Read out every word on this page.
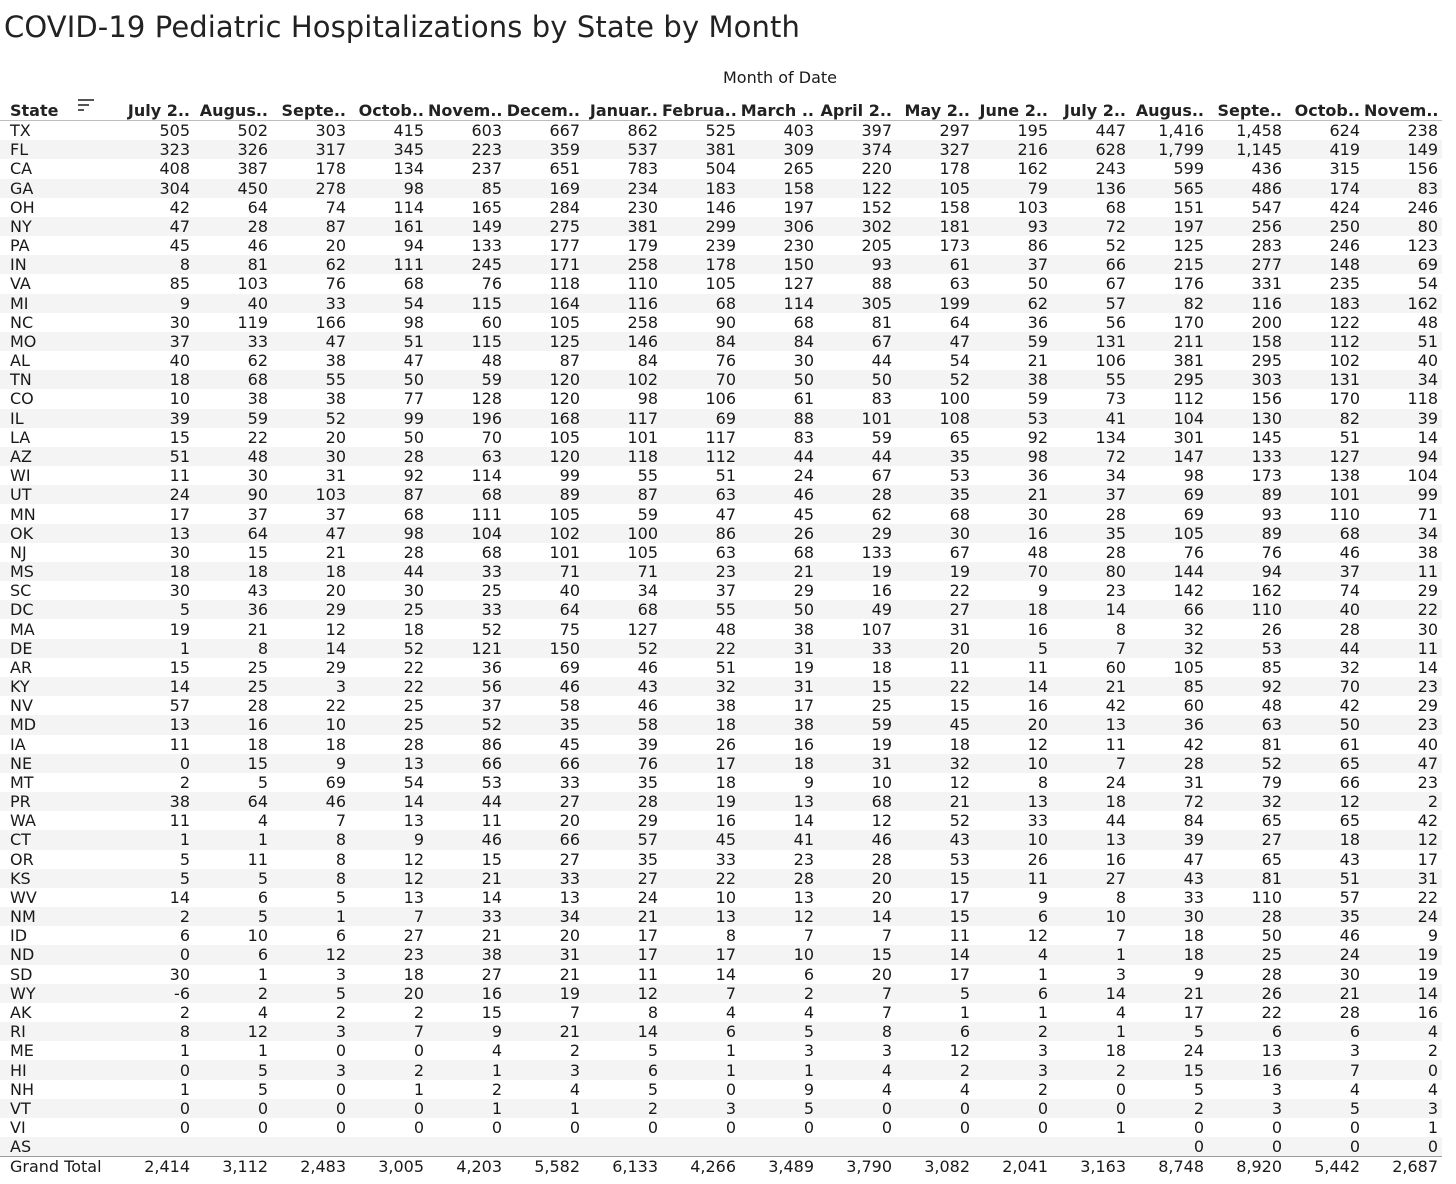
COVID-19 Pediatric Hospitalizations by State by Month
Month of Date
State	July 2..	Augus..	Septe..	Octob..	Novem..	Decem..	Januar..	Februa..	March ..	April 2..	May 2..	June 2..	July 2..	Augus..	Septe..	Octob..	Novem..
TX	505	502	303	415	603	667	862	525	403	397	297	195	447	1,416	1,458	624	238
FL	323	326	317	345	223	359	537	381	309	374	327	216	628	1,799	1,145	419	149
CA	408	387	178	134	237	651	783	504	265	220	178	162	243	599	436	315	156
GA	304	450	278	98	85	169	234	183	158	122	105	79	136	565	486	174	83
OH	42	64	74	114	165	284	230	146	197	152	158	103	68	151	547	424	246
NY	47	28	87	161	149	275	381	299	306	302	181	93	72	197	256	250	80
PA	45	46	20	94	133	177	179	239	230	205	173	86	52	125	283	246	123
IN	8	81	62	111	245	171	258	178	150	93	61	37	66	215	277	148	69
VA	85	103	76	68	76	118	110	105	127	88	63	50	67	176	331	235	54
MI	9	40	33	54	115	164	116	68	114	305	199	62	57	82	116	183	162
NC	30	119	166	98	60	105	258	90	68	81	64	36	56	170	200	122	48
MO	37	33	47	51	115	125	146	84	84	67	47	59	131	211	158	112	51
AL	40	62	38	47	48	87	84	76	30	44	54	21	106	381	295	102	40
TN	18	68	55	50	59	120	102	70	50	50	52	38	55	295	303	131	34
CO	10	38	38	77	128	120	98	106	61	83	100	59	73	112	156	170	118
IL	39	59	52	99	196	168	117	69	88	101	108	53	41	104	130	82	39
LA	15	22	20	50	70	105	101	117	83	59	65	92	134	301	145	51	14
AZ	51	48	30	28	63	120	118	112	44	44	35	98	72	147	133	127	94
WI	11	30	31	92	114	99	55	51	24	67	53	36	34	98	173	138	104
UT	24	90	103	87	68	89	87	63	46	28	35	21	37	69	89	101	99
MN	17	37	37	68	111	105	59	47	45	62	68	30	28	69	93	110	71
OK	13	64	47	98	104	102	100	86	26	29	30	16	35	105	89	68	34
NJ	30	15	21	28	68	101	105	63	68	133	67	48	28	76	76	46	38
MS	18	18	18	44	33	71	71	23	21	19	19	70	80	144	94	37	11
SC	30	43	20	30	25	40	34	37	29	16	22	9	23	142	162	74	29
DC	5	36	29	25	33	64	68	55	50	49	27	18	14	66	110	40	22
MA	19	21	12	18	52	75	127	48	38	107	31	16	8	32	26	28	30
DE	1	8	14	52	121	150	52	22	31	33	20	5	7	32	53	44	11
AR	15	25	29	22	36	69	46	51	19	18	11	11	60	105	85	32	14
KY	14	25	3	22	56	46	43	32	31	15	22	14	21	85	92	70	23
NV	57	28	22	25	37	58	46	38	17	25	15	16	42	60	48	42	29
MD	13	16	10	25	52	35	58	18	38	59	45	20	13	36	63	50	23
IA	11	18	18	28	86	45	39	26	16	19	18	12	11	42	81	61	40
NE	0	15	9	13	66	66	76	17	18	31	32	10	7	28	52	65	47
MT	2	5	69	54	53	33	35	18	9	10	12	8	24	31	79	66	23
PR	38	64	46	14	44	27	28	19	13	68	21	13	18	72	32	12	2
WA	11	4	7	13	11	20	29	16	14	12	52	33	44	84	65	65	42
CT	1	1	8	9	46	66	57	45	41	46	43	10	13	39	27	18	12
OR	5	11	8	12	15	27	35	33	23	28	53	26	16	47	65	43	17
KS	5	5	8	12	21	33	27	22	28	20	15	11	27	43	81	51	31
WV	14	6	5	13	14	13	24	10	13	20	17	9	8	33	110	57	22
NM	2	5	1	7	33	34	21	13	12	14	15	6	10	30	28	35	24
ID	6	10	6	27	21	20	17	8	7	7	11	12	7	18	50	46	9
ND	0	6	12	23	38	31	17	17	10	15	14	4	1	18	25	24	19
SD	30	1	3	18	27	21	11	14	6	20	17	1	3	9	28	30	19
WY	-6	2	5	20	16	19	12	7	2	7	5	6	14	21	26	21	14
AK	2	4	2	2	15	7	8	4	4	7	1	1	4	17	22	28	16
RI	8	12	3	7	9	21	14	6	5	8	6	2	1	5	6	6	4
ME	1	1	0	0	4	2	5	1	3	3	12	3	18	24	13	3	2
HI	0	5	3	2	1	3	6	1	1	4	2	3	2	15	16	7	0
NH	1	5	0	1	2	4	5	0	9	4	4	2	0	5	3	4	4
VT	0	0	0	0	1	1	2	3	5	0	0	0	0	2	3	5	3
VI	0	0	0	0	0	0	0	0	0	0	0	0	1	0	0	0	1
AS														0	0	0	0
Grand Total	2,414	3,112	2,483	3,005	4,203	5,582	6,133	4,266	3,489	3,790	3,082	2,041	3,163	8,748	8,920	5,442	2,687
